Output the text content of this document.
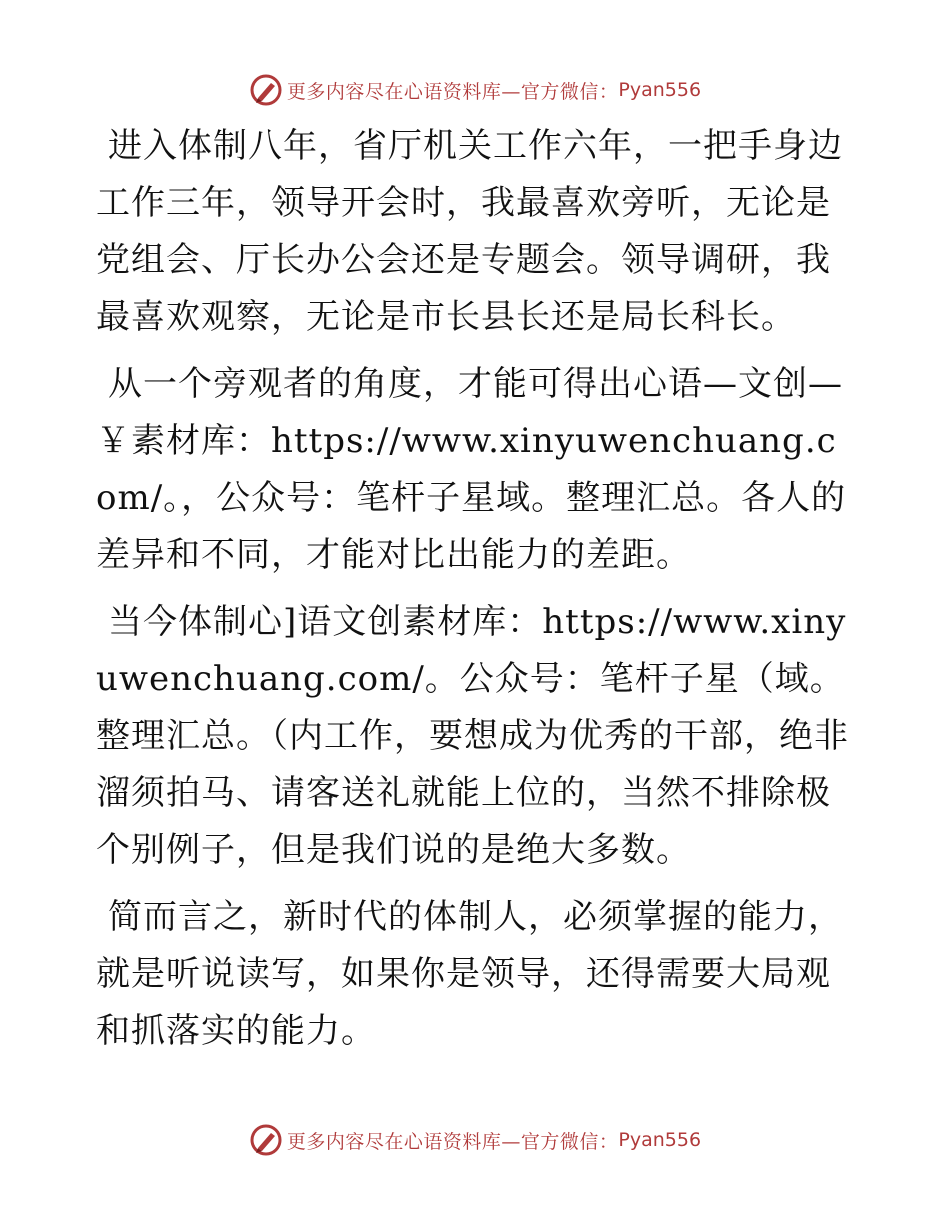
更多内容尽在心语资料库—官方微信： Pyan556

进入体制八年，省厅机关工作六年，一把手身边工作三年，领导开会时，我最喜欢旁听，无论是党组会、厅长办公会还是专题会。领导调研，我最喜欢观察，无论是市长县长还是局长科长。

从一个旁观者的角度，才能可得出心语—文创—￥素材库：https://www.xinyuwenchuang.com/。，公众号：笔杆子星域。整理汇总。各人的差异和不同，才能对比出能力的差距。

当今体制心]语文创素材库：https://www.xinyuwenchuang.com/。公众号：笔杆子星（域。整理汇总。（内工作，要想成为优秀的干部，绝非溜须拍马、请客送礼就能上位的，当然不排除极个别例子，但是我们说的是绝大多数。

简而言之，新时代的体制人，必须掌握的能力，就是听说读写，如果你是领导，还得需要大局观和抓落实的能力。

更多内容尽在心语资料库—官方微信： Pyan556
